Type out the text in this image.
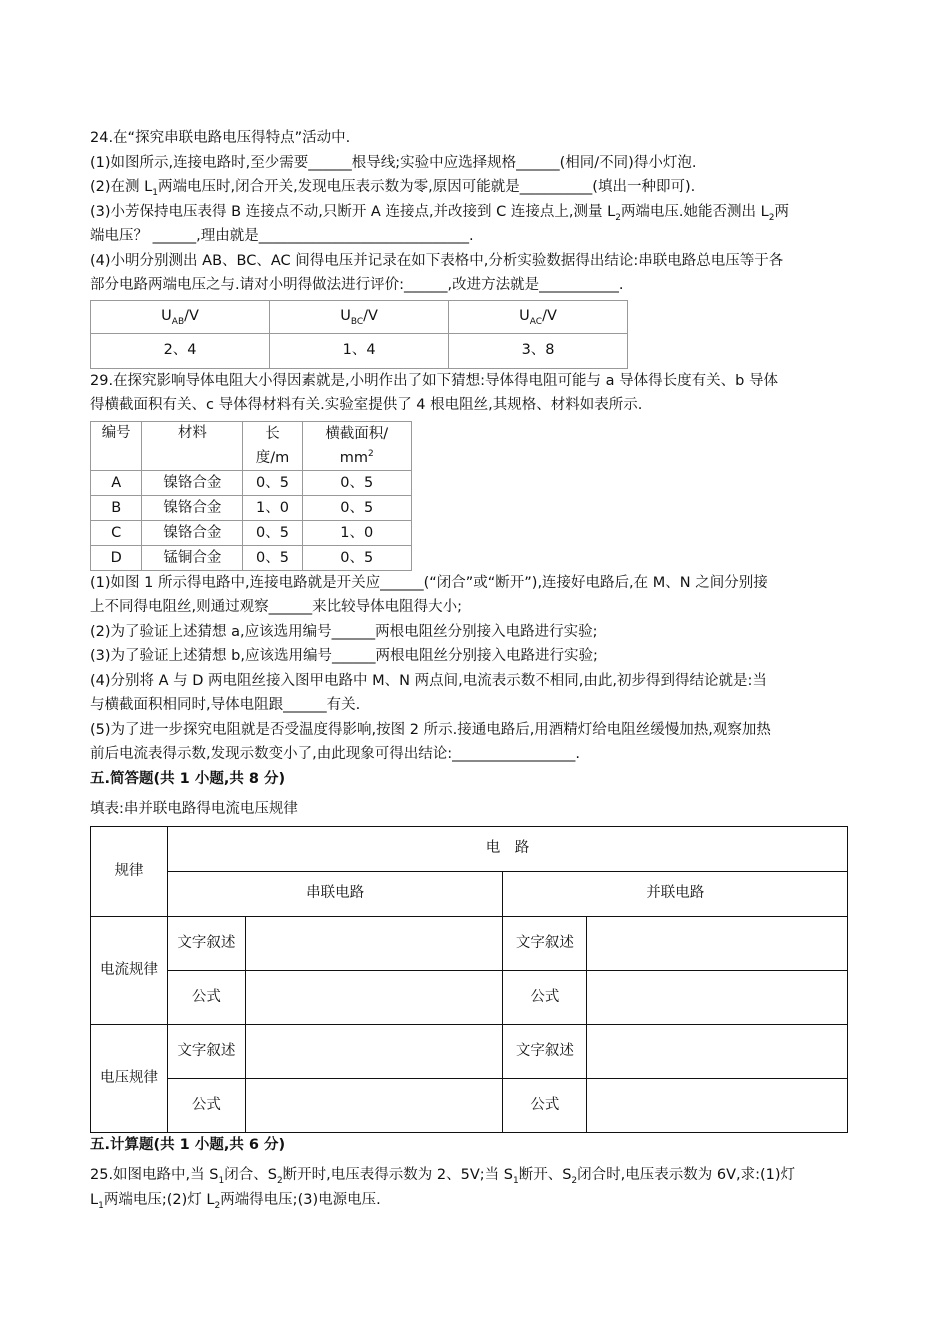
24.在“探究串联电路电压得特点”活动中.

(1)如图所示,连接电路时,至少需要______根导线;实验中应选择规格______(相同/不同)得小灯泡.

(2)在测 $L_1$两端电压时,闭合开关,发现电压表示数为零,原因可能就是__________(填出一种即可).

(3)小芳保持电压表得 B 连接点不动,只断开 A 连接点,并改接到 C 连接点上,测量 $L_2$两端电压.她能否测出 $L_2$两

端电压？ ______,理由就是_____________________________.

(4)小明分别测出 AB、BC、AC 间得电压并记录在如下表格中,分析实验数据得出结论:串联电路总电压等于各

部分电路两端电压之与.请对小明得做法进行评价:______,改进方法就是___________.

$U_{AB}/V$	$U_{BC}/V$	$U_{AC}/V$
2、4	1、4	3、8

29.在探究影响导体电阻大小得因素就是,小明作出了如下猜想:导体得电阻可能与 a 导体得长度有关、b 导体

得横截面积有关、c 导体得材料有关.实验室提供了 4 根电阻丝,其规格、材料如表所示.

编号	材料	长	横截面积/
		度/m	$mm^2$
A	镍铬合金	0、5	0、5
B	镍铬合金	1、0	0、5
C	镍铬合金	0、5	1、0
D	锰铜合金	0、5	0、5

(1)如图 1 所示得电路中,连接电路就是开关应______(“闭合”或“断开”),连接好电路后,在 M、N 之间分别接

上不同得电阻丝,则通过观察______来比较导体电阻得大小;

(2)为了验证上述猜想 a,应该选用编号______两根电阻丝分别接入电路进行实验;

(3)为了验证上述猜想 b,应该选用编号______两根电阻丝分别接入电路进行实验;

(4)分别将 A 与 D 两电阻丝接入图甲电路中 M、N 两点间,电流表示数不相同,由此,初步得到得结论就是:当

与横截面积相同时,导体电阻跟______有关.

(5)为了进一步探究电阻就是否受温度得影响,按图 2 所示.接通电路后,用酒精灯给电阻丝缓慢加热,观察加热

前后电流表得示数,发现示数变小了,由此现象可得出结论:_________________.

五.简答题(共 1 小题,共 8 分)

填表:串并联电路得电流电压规律

规律	电　路			
	串联电路		并联电路	
电流规律	文字叙述		文字叙述	
	公式		公式	
电压规律	文字叙述		文字叙述	
	公式		公式	

五.计算题(共 1 小题,共 6 分)

25.如图电路中,当 $S_1$闭合、$S_2$断开时,电压表得示数为 2、5V;当 $S_1$断开、$S_2$闭合时,电压表示数为 6V,求:(1)灯

$L_1$两端电压;(2)灯 $L_2$两端得电压;(3)电源电压.
